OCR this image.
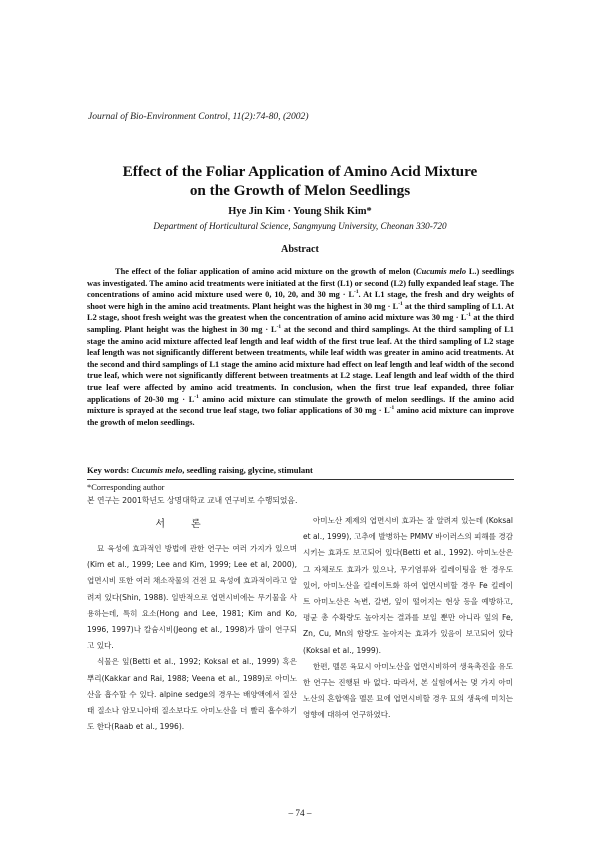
Journal of Bio-Environment Control, 11(2):74-80, (2002)
Effect of the Foliar Application of Amino Acid Mixture
on the Growth of Melon Seedlings
Hye Jin Kim · Young Shik Kim*
Department of Horticultural Science, Sangmyung University, Cheonan 330-720
Abstract

The effect of the foliar application of amino acid mixture on the growth of melon (Cucumis melo L.) seedlings was investigated. The amino acid treatments were initiated at the first (L1) or second (L2) fully expanded leaf stage. The concentrations of amino acid mixture used were 0, 10, 20, and 30 mg · $L^{-1}$. At L1 stage, the fresh and dry weights of shoot were high in the amino acid treatments. Plant height was the highest in 30 mg · $L^{-1}$ at the third sampling of L1. At L2 stage, shoot fresh weight was the greatest when the concentration of amino acid mixture was 30 mg · $L^{-1}$ at the third sampling. Plant height was the highest in 30 mg · $L^{-1}$ at the second and third samplings. At the third sampling of L1 stage the amino acid mixture affected leaf length and leaf width of the first true leaf. At the third sampling of L2 stage leaf length was not significantly different between treatments, while leaf width was greater in amino acid treatments. At the second and third samplings of L1 stage the amino acid mixture had effect on leaf length and leaf width of the second true leaf, which were not significantly different between treatments at L2 stage. Leaf length and leaf width of the third true leaf were affected by amino acid treatments. In conclusion, when the first true leaf expanded, three foliar applications of 20-30 mg · $L^{-1}$ amino acid mixture can stimulate the growth of melon seedlings. If the amino acid mixture is sprayed at the second true leaf stage, two foliar applications of 30 mg · $L^{-1}$ amino acid mixture can improve the growth of melon seedlings.

Key words: Cucumis melo, seedling raising, glycine, stimulant
*Corresponding author
본 연구는 2001학년도 상명대학교 교내 연구비로 수행되었음.
서론

묘 육성에 효과적인 방법에 관한 연구는 여러 가지가 있으며(Kim et al., 1999; Lee and Kim, 1999; Lee et al, 2000), 엽면시비 또한 여러 채소작물의 건전 묘 육성에 효과적이라고 알려져 있다(Shin, 1988). 일반적으로 엽면시비에는 무기물을 사용하는데, 특히 요소(Hong and Lee, 1981; Kim and Ko, 1996, 1997)나 칼슘시비(Jeong et al., 1998)가 많이 연구되고 있다.

식물은 잎(Betti et al., 1992; Koksal et al., 1999) 혹은 뿌리(Kakkar and Rai, 1988; Veena et al., 1989)로 아미노산을 흡수할 수 있다. alpine sedge의 경우는 배양액에서 질산태 질소나 암모니아태 질소보다도 아미노산을 더 빨리 흡수하기도 한다(Raab et al., 1996).

아미노산 제제의 엽면시비 효과는 잘 알려져 있는데 (Koksal et al., 1999), 고추에 발병하는 PMMV 바이러스의 피해를 경감시키는 효과도 보고되어 있다(Betti et al., 1992). 아미노산은 그 자체로도 효과가 있으나, 무기염류와 킬레이팅을 한 경우도 있어, 아미노산을 킬레이트화 하여 엽면시비할 경우 Fe 킬레이트 아미노산은 녹변, 갈변, 잎이 떨어지는 현상 등을 예방하고, 평균 총 수확량도 높아지는 결과를 보일 뿐만 아니라 잎의 Fe, Zn, Cu, Mn의 함량도 높아지는 효과가 있음이 보고되어 있다(Koksal et al., 1999).

한편, 멜론 육묘시 아미노산을 엽면시비하여 생육촉진을 유도한 연구는 진행된 바 없다. 따라서, 본 실험에서는 몇 가지 아미노산의 혼합액을 멜론 묘에 엽면시비할 경우 묘의 생육에 미치는 영향에 대하여 연구하였다.

– 74 –
